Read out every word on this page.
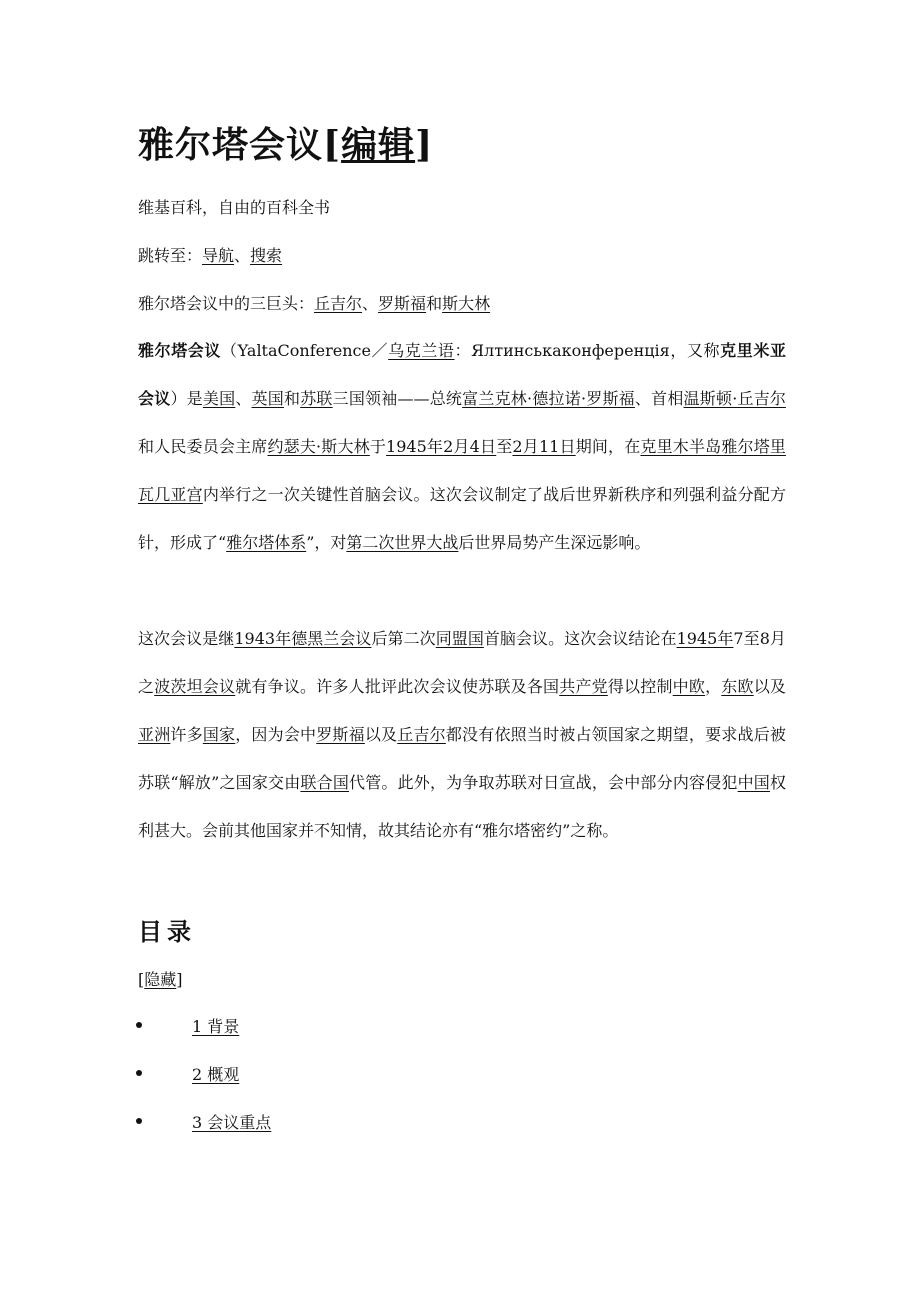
雅尔塔会议[编辑]
维基百科，自由的百科全书
跳转至：导航、搜索
雅尔塔会议中的三巨头：丘吉尔、罗斯福和斯大林

雅尔塔会议（YaltaConference／乌克兰语：Ялтинськаконференція，又称克里米亚会议）是美国、英国和苏联三国领袖——总统富兰克林·德拉诺·罗斯福、首相温斯顿·丘吉尔和人民委员会主席约瑟夫·斯大林于1945年2月4日至2月11日期间，在克里木半岛雅尔塔里瓦几亚宫内举行之一次关键性首脑会议。这次会议制定了战后世界新秩序和列强利益分配方针，形成了“雅尔塔体系”，对第二次世界大战后世界局势产生深远影响。

这次会议是继1943年德黑兰会议后第二次同盟国首脑会议。这次会议结论在1945年7至8月之波茨坦会议就有争议。许多人批评此次会议使苏联及各国共产党得以控制中欧，东欧以及亚洲许多国家，因为会中罗斯福以及丘吉尔都没有依照当时被占领国家之期望，要求战后被苏联“解放”之国家交由联合国代管。此外，为争取苏联对日宣战，会中部分内容侵犯中国权利甚大。会前其他国家并不知情，故其结论亦有“雅尔塔密约”之称。

目录
[隐藏]
1 背景
2 概观
3 会议重点
